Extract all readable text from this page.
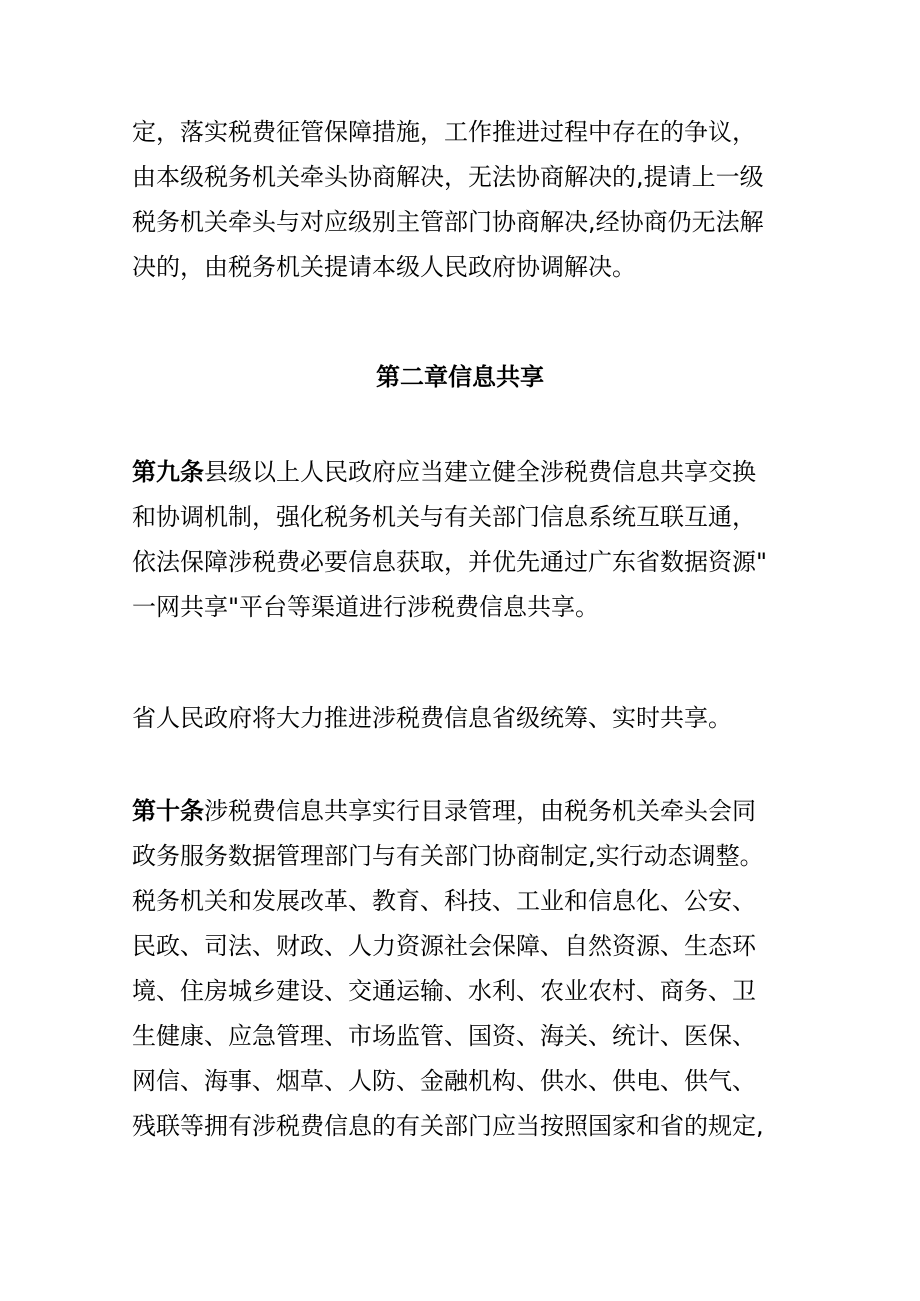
定，落实税费征管保障措施，工作推进过程中存在的争议，
由本级税务机关牵头协商解决，无法协商解决的,提请上一级
税务机关牵头与对应级别主管部门协商解决,经协商仍无法解
决的，由税务机关提请本级人民政府协调解决。
第二章信息共享
第九条县级以上人民政府应当建立健全涉税费信息共享交换
和协调机制，强化税务机关与有关部门信息系统互联互通，
依法保障涉税费必要信息获取，并优先通过广东省数据资源"
一网共享"平台等渠道进行涉税费信息共享。
省人民政府将大力推进涉税费信息省级统筹、实时共享。
第十条涉税费信息共享实行目录管理，由税务机关牵头会同
政务服务数据管理部门与有关部门协商制定,实行动态调整。
税务机关和发展改革、教育、科技、工业和信息化、公安、
民政、司法、财政、人力资源社会保障、自然资源、生态环
境、住房城乡建设、交通运输、水利、农业农村、商务、卫
生健康、应急管理、市场监管、国资、海关、统计、医保、
网信、海事、烟草、人防、金融机构、供水、供电、供气、
残联等拥有涉税费信息的有关部门应当按照国家和省的规定,
